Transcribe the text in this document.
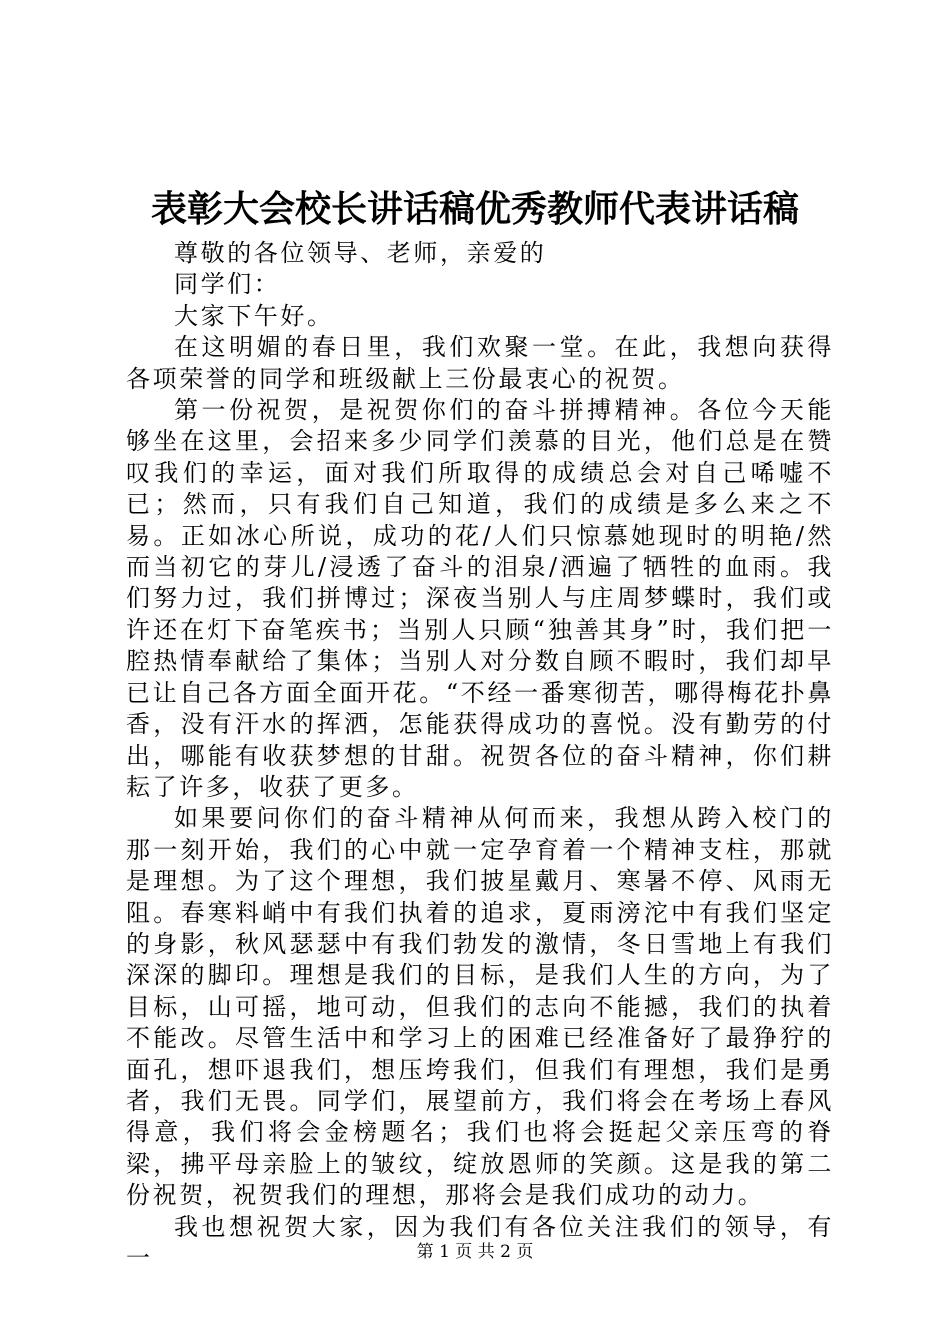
表彰大会校长讲话稿优秀教师代表讲话稿

尊敬的各位领导、老师，亲爱的

同学们：

大家下午好。

在这明媚的春日里，我们欢聚一堂。在此，我想向获得各项荣誉的同学和班级献上三份最衷心的祝贺。

第一份祝贺，是祝贺你们的奋斗拼搏精神。各位今天能够坐在这里，会招来多少同学们羡慕的目光，他们总是在赞叹我们的幸运，面对我们所取得的成绩总会对自己唏嘘不已；然而，只有我们自己知道，我们的成绩是多么来之不易。正如冰心所说，成功的花/人们只惊慕她现时的明艳/然而当初它的芽儿/浸透了奋斗的泪泉/洒遍了牺牲的血雨。我们努力过，我们拼博过；深夜当别人与庄周梦蝶时，我们或许还在灯下奋笔疾书；当别人只顾“独善其身”时，我们把一腔热情奉献给了集体；当别人对分数自顾不暇时，我们却早已让自己各方面全面开花。“不经一番寒彻苦，哪得梅花扑鼻香，没有汗水的挥洒，怎能获得成功的喜悦。没有勤劳的付出，哪能有收获梦想的甘甜。祝贺各位的奋斗精神，你们耕耘了许多，收获了更多。

如果要问你们的奋斗精神从何而来，我想从跨入校门的那一刻开始，我们的心中就一定孕育着一个精神支柱，那就是理想。为了这个理想，我们披星戴月、寒暑不停、风雨无阻。春寒料峭中有我们执着的追求，夏雨滂沱中有我们坚定的身影，秋风瑟瑟中有我们勃发的激情，冬日雪地上有我们深深的脚印。理想是我们的目标，是我们人生的方向，为了目标，山可摇，地可动，但我们的志向不能撼，我们的执着不能改。尽管生活中和学习上的困难已经准备好了最狰狞的面孔，想吓退我们，想压垮我们，但我们有理想，我们是勇者，我们无畏。同学们，展望前方，我们将会在考场上春风得意，我们将会金榜题名；我们也将会挺起父亲压弯的脊梁，拂平母亲脸上的皱纹，绽放恩师的笑颜。这是我的第二份祝贺，祝贺我们的理想，那将会是我们成功的动力。

我也想祝贺大家，因为我们有各位关注我们的领导，有一	第 1 页 共 2 页
